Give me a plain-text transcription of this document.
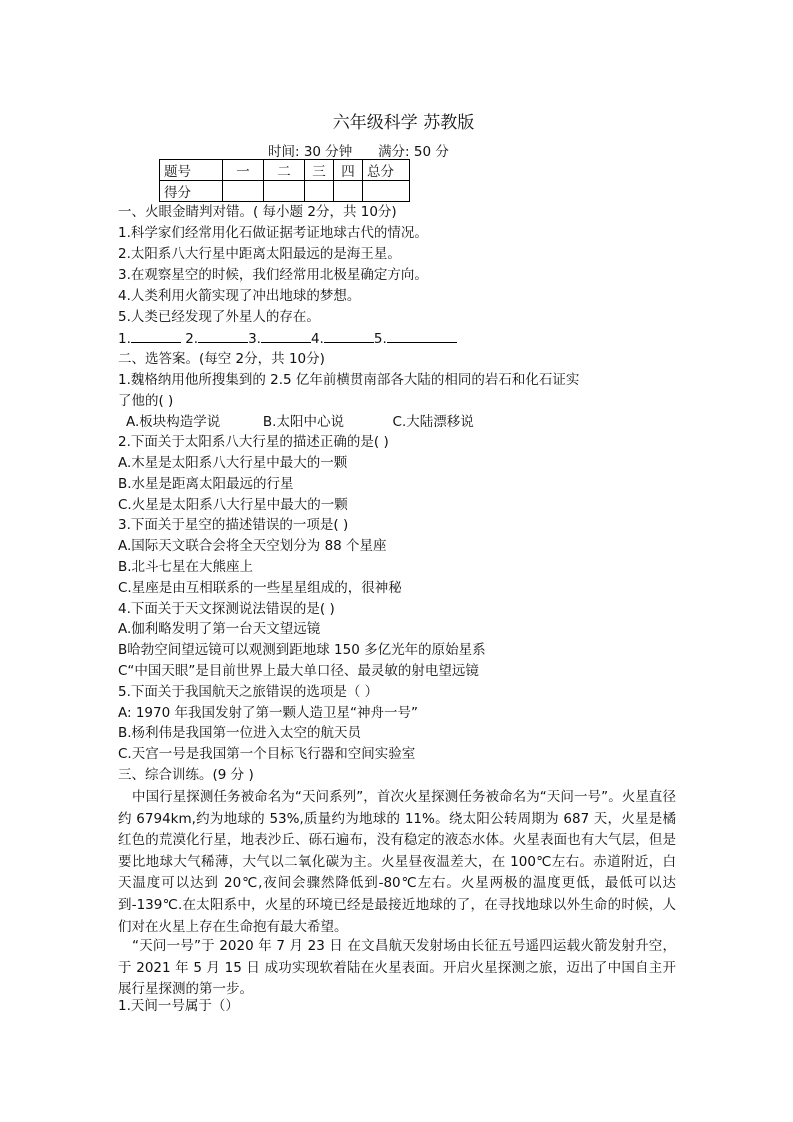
六年级科学 苏教版
时间: 30 分钟 满分: 50 分
题号	一	二	三	四	总分
得分					
一、火眼金睛判对错。( 每小题 2分，共 10分)
1.科学家们经常用化石做证据考证地球古代的情况。
2.太阳系八大行星中距离太阳最远的是海王星。
3.在观察星空的时候，我们经常用北极星确定方向。
4.人类利用火箭实现了冲出地球的梦想。
5.人类已经发现了外星人的存在。
1.	2.	3.	4.	5.
二、选答案。(每空 2分，共 10分)
1.魏格纳用他所搜集到的 2.5 亿年前横贯南部各大陆的相同的岩石和化石证实
了他的( )
A.板块构造学说	B.太阳中心说	C.大陆漂移说
2.下面关于太阳系八大行星的描述正确的是( )
A.木星是太阳系八大行星中最大的一颗
B.水星是距离太阳最远的行星
C.火星是太阳系八大行星中最大的一颗
3.下面关于星空的描述错误的一项是( )
A.国际天文联合会将全天空划分为 88 个星座
B.北斗七星在大熊座上
C.星座是由互相联系的一些星星组成的，很神秘
4.下面关于天文探测说法错误的是( )
A.伽利略发明了第一台天文望远镜
B哈勃空间望远镜可以观测到距地球 150 多亿光年的原始星系
C“中国天眼”是目前世界上最大单口径、最灵敏的射电望远镜
5.下面关于我国航天之旅错误的选项是（ ）
A: 1970 年我国发射了第一颗人造卫星“神舟一号”
B.杨利伟是我国第一位进入太空的航天员
C.天宫一号是我国第一个目标飞行器和空间实验室
三、综合训练。(9 分 )
中国行星探测任务被命名为“天问系列”，首次火星探测任务被命名为“天问一号”。火星直径约 6794km,约为地球的 53%,质量约为地球的 11%。绕太阳公转周期为 687 天，火星是橘红色的荒漠化行星，地表沙丘、砾石遍布，没有稳定的液态水体。火星表面也有大气层，但是要比地球大气稀薄，大气以二氧化碳为主。火星昼夜温差大，在 100℃左右。赤道附近，白天温度可以达到 20℃,夜间会骤然降低到-80℃左右。火星两极的温度更低，最低可以达到-139℃.在太阳系中，火星的环境已经是最接近地球的了，在寻找地球以外生命的时候，人们对在火星上存在生命抱有最大希望。
“天问一号”于 2020 年 7 月 23 日 在文昌航天发射场由长征五号遥四运载火箭发射升空，于 2021 年 5 月 15 日 成功实现软着陆在火星表面。开启火星探测之旅，迈出了中国自主开展行星探测的第一步。
1.天间一号属于（）
